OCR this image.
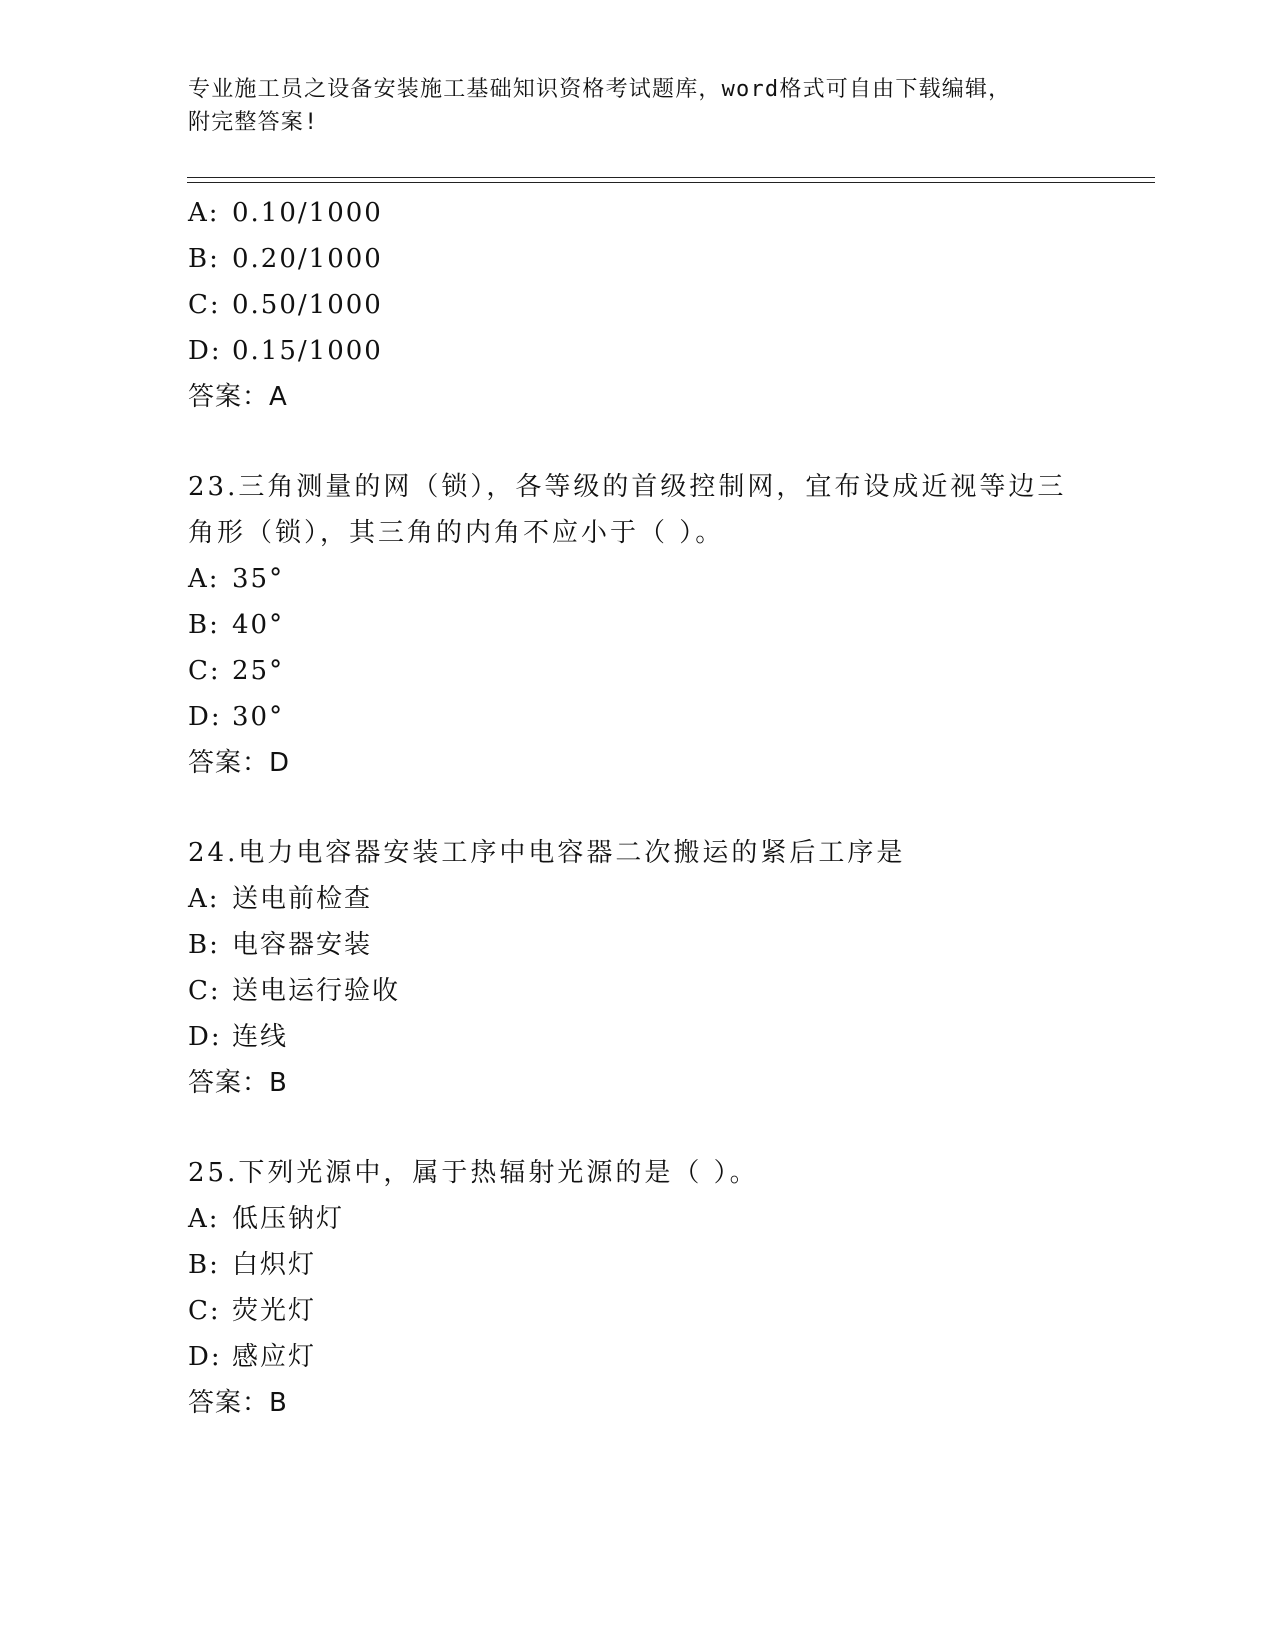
专业施工员之设备安装施工基础知识资格考试题库，word格式可自由下载编辑，
附完整答案!
A: 0.10/1000
B: 0.20/1000
C: 0.50/1000
D: 0.15/1000
答案：A
23.三角测量的网（锁），各等级的首级控制网，宜布设成近视等边三
角形（锁），其三角的内角不应小于（ ）。
A: 35°
B: 40°
C: 25°
D: 30°
答案：D
24.电力电容器安装工序中电容器二次搬运的紧后工序是
A: 送电前检查
B: 电容器安装
C: 送电运行验收
D: 连线
答案：B
25.下列光源中，属于热辐射光源的是（ ）。
A: 低压钠灯
B: 白炽灯
C: 荧光灯
D: 感应灯
答案：B
